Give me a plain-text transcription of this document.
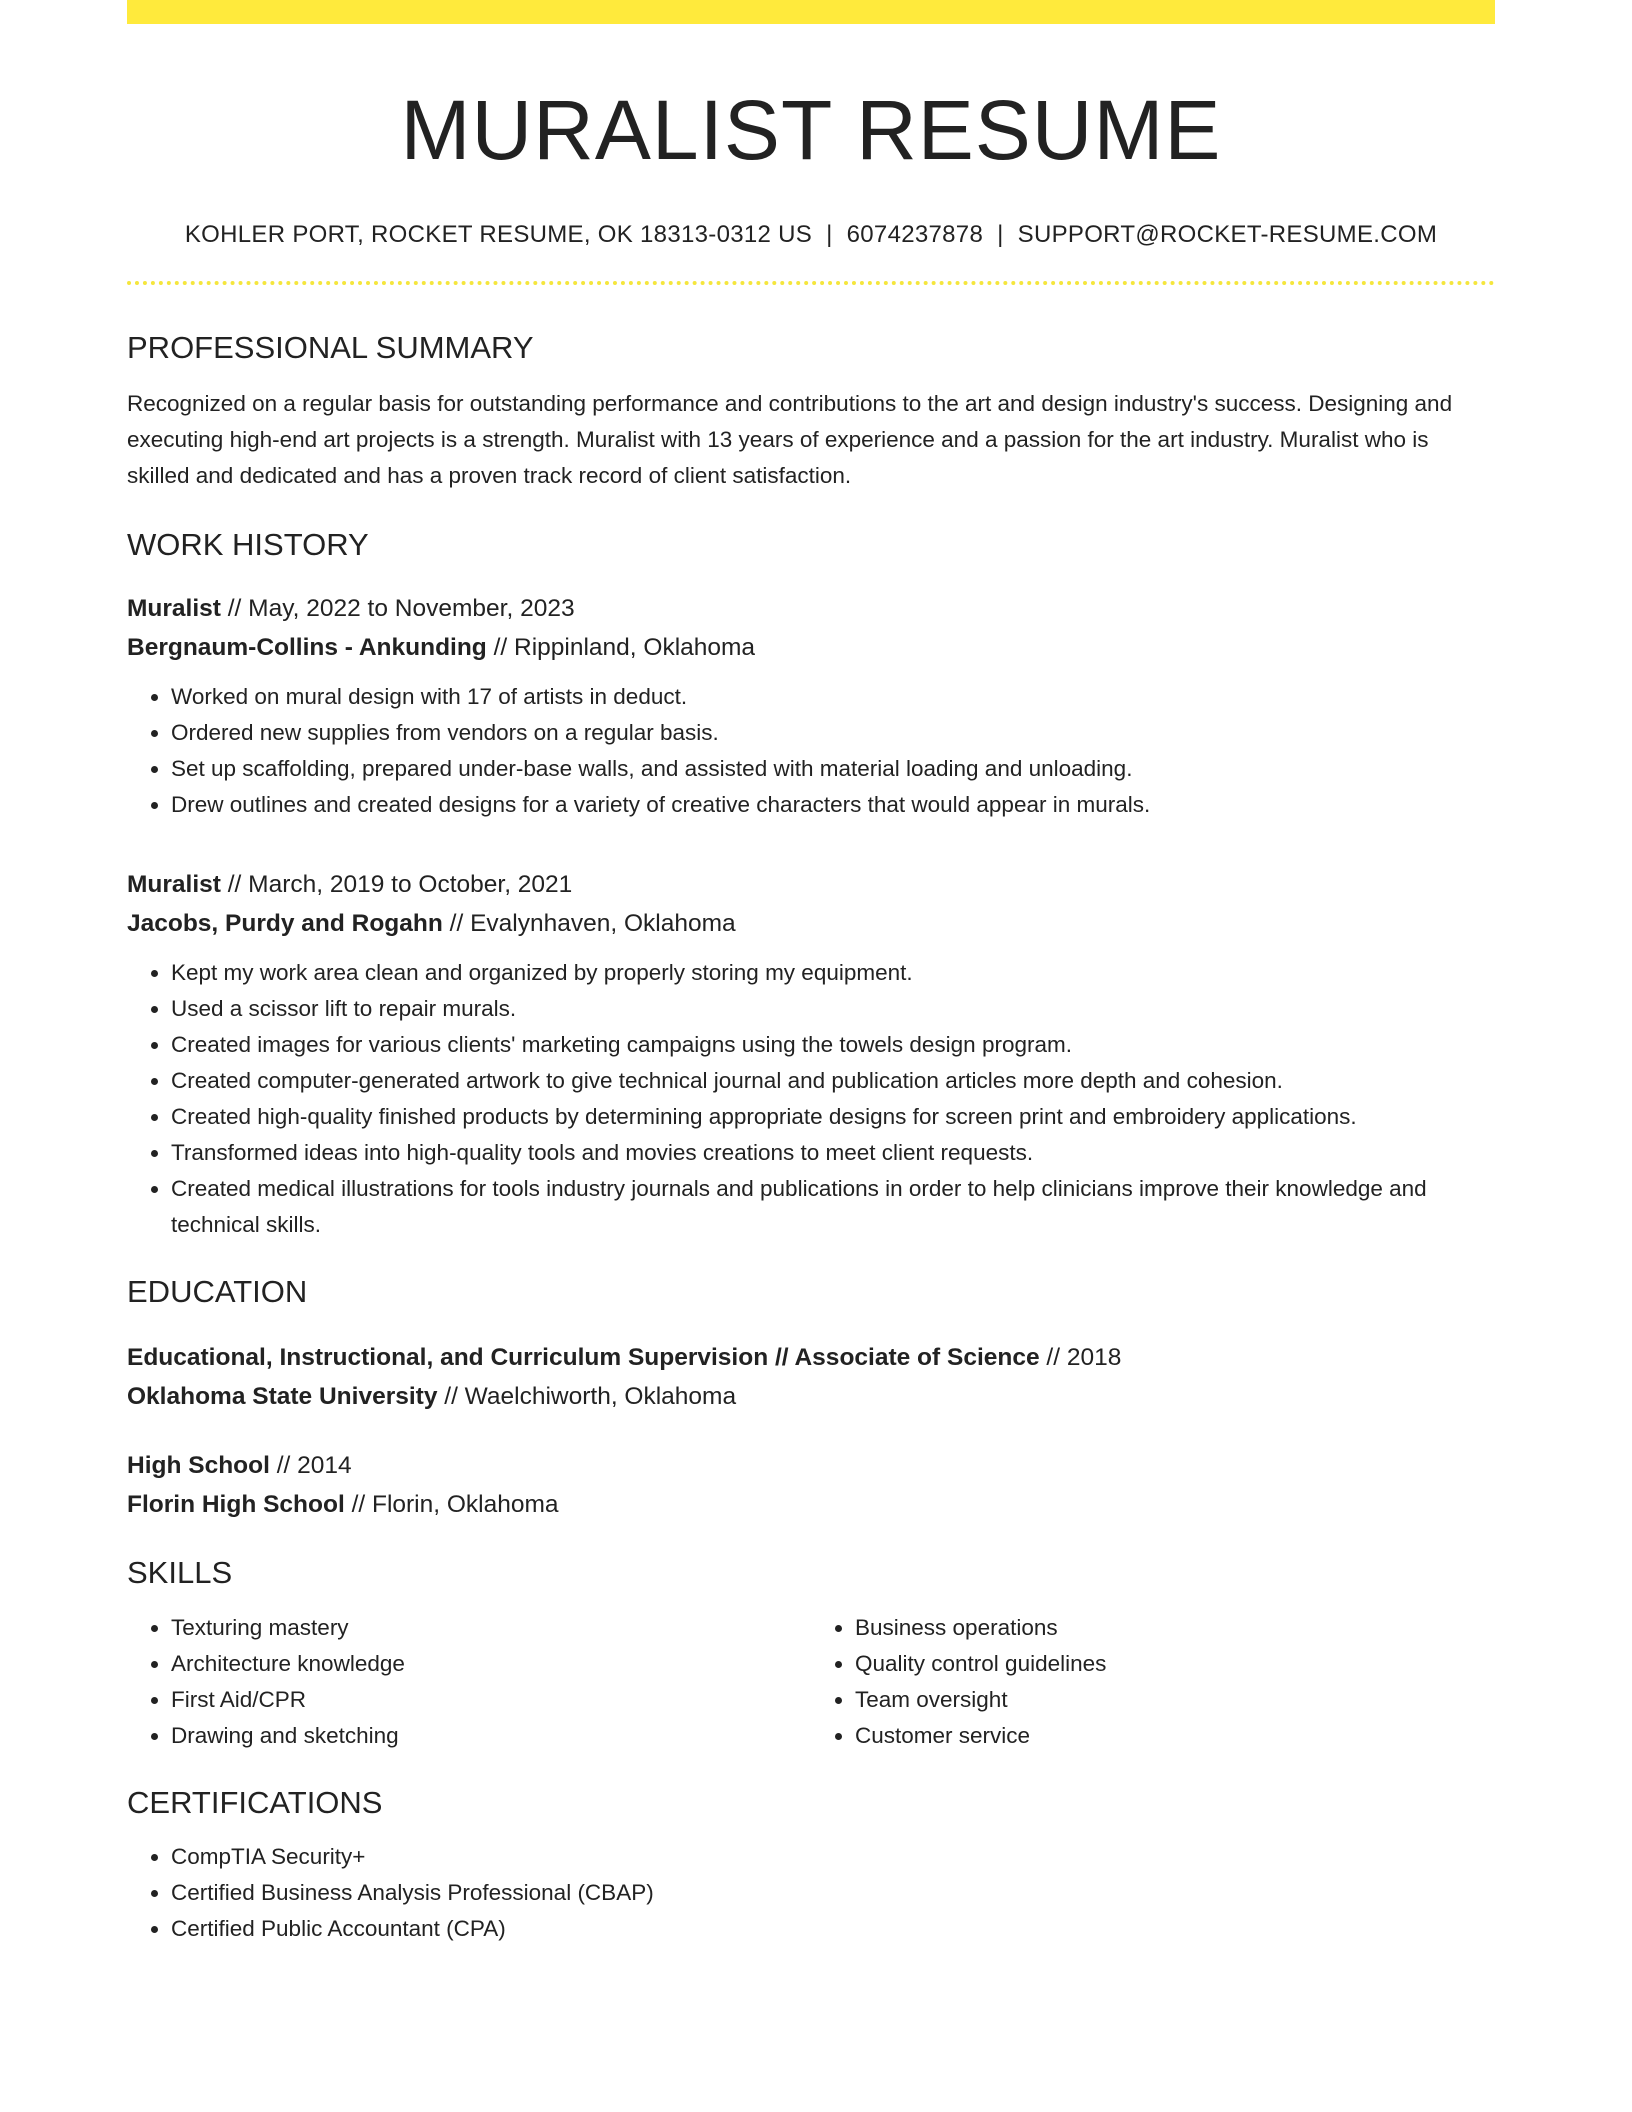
MURALIST RESUME
KOHLER PORT, ROCKET RESUME, OK 18313-0312 US | 6074237878 | SUPPORT@ROCKET-RESUME.COM
PROFESSIONAL SUMMARY

Recognized on a regular basis for outstanding performance and contributions to the art and design industry's success. Designing and executing high-end art projects is a strength. Muralist with 13 years of experience and a passion for the art industry. Muralist who is skilled and dedicated and has a proven track record of client satisfaction.

WORK HISTORY
Muralist // May, 2022 to November, 2023
Bergnaum-Collins - Ankunding // Rippinland, Oklahoma
• Worked on mural design with 17 of artists in deduct.
• Ordered new supplies from vendors on a regular basis.
• Set up scaffolding, prepared under-base walls, and assisted with material loading and unloading.
• Drew outlines and created designs for a variety of creative characters that would appear in murals.
Muralist // March, 2019 to October, 2021
Jacobs, Purdy and Rogahn // Evalynhaven, Oklahoma
• Kept my work area clean and organized by properly storing my equipment.
• Used a scissor lift to repair murals.
• Created images for various clients' marketing campaigns using the towels design program.
• Created computer-generated artwork to give technical journal and publication articles more depth and cohesion.
• Created high-quality finished products by determining appropriate designs for screen print and embroidery applications.
• Transformed ideas into high-quality tools and movies creations to meet client requests.
• Created medical illustrations for tools industry journals and publications in order to help clinicians improve their knowledge and technical skills.
EDUCATION
Educational, Instructional, and Curriculum Supervision // Associate of Science // 2018
Oklahoma State University // Waelchiworth, Oklahoma
High School // 2014
Florin High School // Florin, Oklahoma
SKILLS
• Texturing mastery
• Architecture knowledge
• First Aid/CPR
• Drawing and sketching
• Business operations
• Quality control guidelines
• Team oversight
• Customer service
CERTIFICATIONS
• CompTIA Security+
• Certified Business Analysis Professional (CBAP)
• Certified Public Accountant (CPA)
